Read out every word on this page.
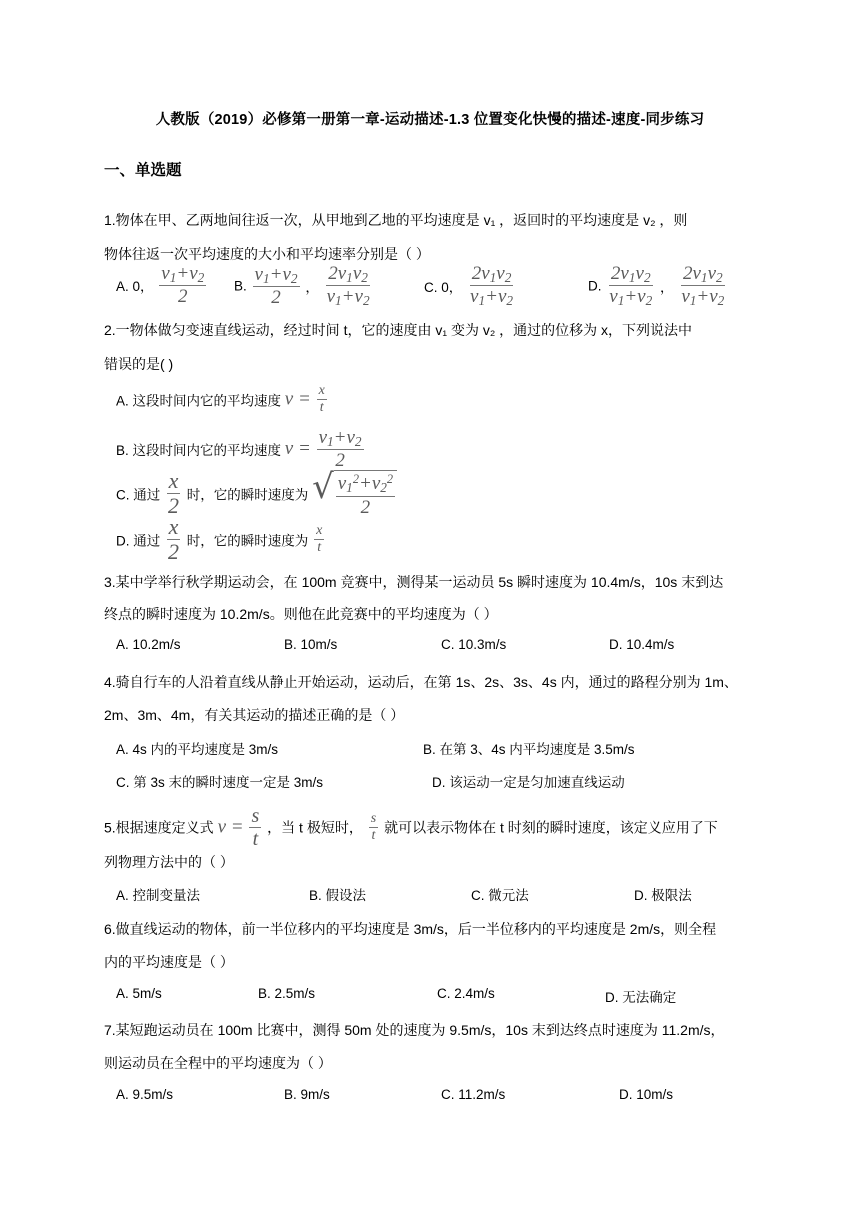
人教版（2019）必修第一册第一章-运动描述-1.3 位置变化快慢的描述-速度-同步练习
一、单选题
1.物体在甲、乙两地间往返一次，从甲地到乙地的平均速度是 v₁ ，返回时的平均速度是 v₂ ，则
物体往返一次平均速度的大小和平均速率分别是（ ）
A. 0， $\frac{v_1+v_2}{2} B$. $\frac{v_1+v_2}{2}$ ， $\frac{2v_1v_2}{v_1+v_2}$	C. 0， $\frac{2v_1v_2}{v_1+v_2}$	D. $\frac{2v_1v_2}{v_1+v_2}$ ， $\frac{2v_1v_2}{v_1+v_2}$
2.一物体做匀变速直线运动，经过时间 t，它的速度由 v₁ 变为 v₂ ，通过的位移为 x，下列说法中
错误的是( )
A. 这段时间内它的平均速度 $v = \frac{x}{t}$
B. 这段时间内它的平均速度 $v = \frac{v_1+v_2}{2}$
C. 通过 $\frac{x}{2}$ 时，它的瞬时速度为 √ $\frac{v_1^2+v_2^2}{2}$
D. 通过 $\frac{x}{2}$ 时，它的瞬时速度为 $\frac{x}{t}$
3.某中学举行秋学期运动会，在 100m 竞赛中，测得某一运动员 5s 瞬时速度为 10.4m/s，10s 末到达
终点的瞬时速度为 10.2m/s。则他在此竞赛中的平均速度为（ ）
A. 10.2m/s	B. 10m/s	C. 10.3m/s	D. 10.4m/s
4.骑自行车的人沿着直线从静止开始运动，运动后，在第 1s、2s、3s、4s 内，通过的路程分别为 1m、
2m、3m、4m，有关其运动的描述正确的是（ ）
A. 4s 内的平均速度是 3m/s	B. 在第 3、4s 内平均速度是 3.5m/s
C. 第 3s 末的瞬时速度一定是 3m/s	D. 该运动一定是匀加速直线运动
5.根据速度定义式 $v = \frac{s}{t}$ ，当 t 极短时， $\frac{s}{t}$ 就可以表示物体在 t 时刻的瞬时速度，该定义应用了下
列物理方法中的（ ）
A. 控制变量法	B. 假设法	C. 微元法	D. 极限法
6.做直线运动的物体，前一半位移内的平均速度是 3m/s，后一半位移内的平均速度是 2m/s，则全程
内的平均速度是（ ）
A. 5m/s	B. 2.5m/s	C. 2.4m/s	D. 无法确定
7.某短跑运动员在 100m 比赛中，测得 50m 处的速度为 9.5m/s，10s 末到达终点时速度为 11.2m/s，
则运动员在全程中的平均速度为（ ）
A. 9.5m/s	B. 9m/s	C. 11.2m/s	D. 10m/s
